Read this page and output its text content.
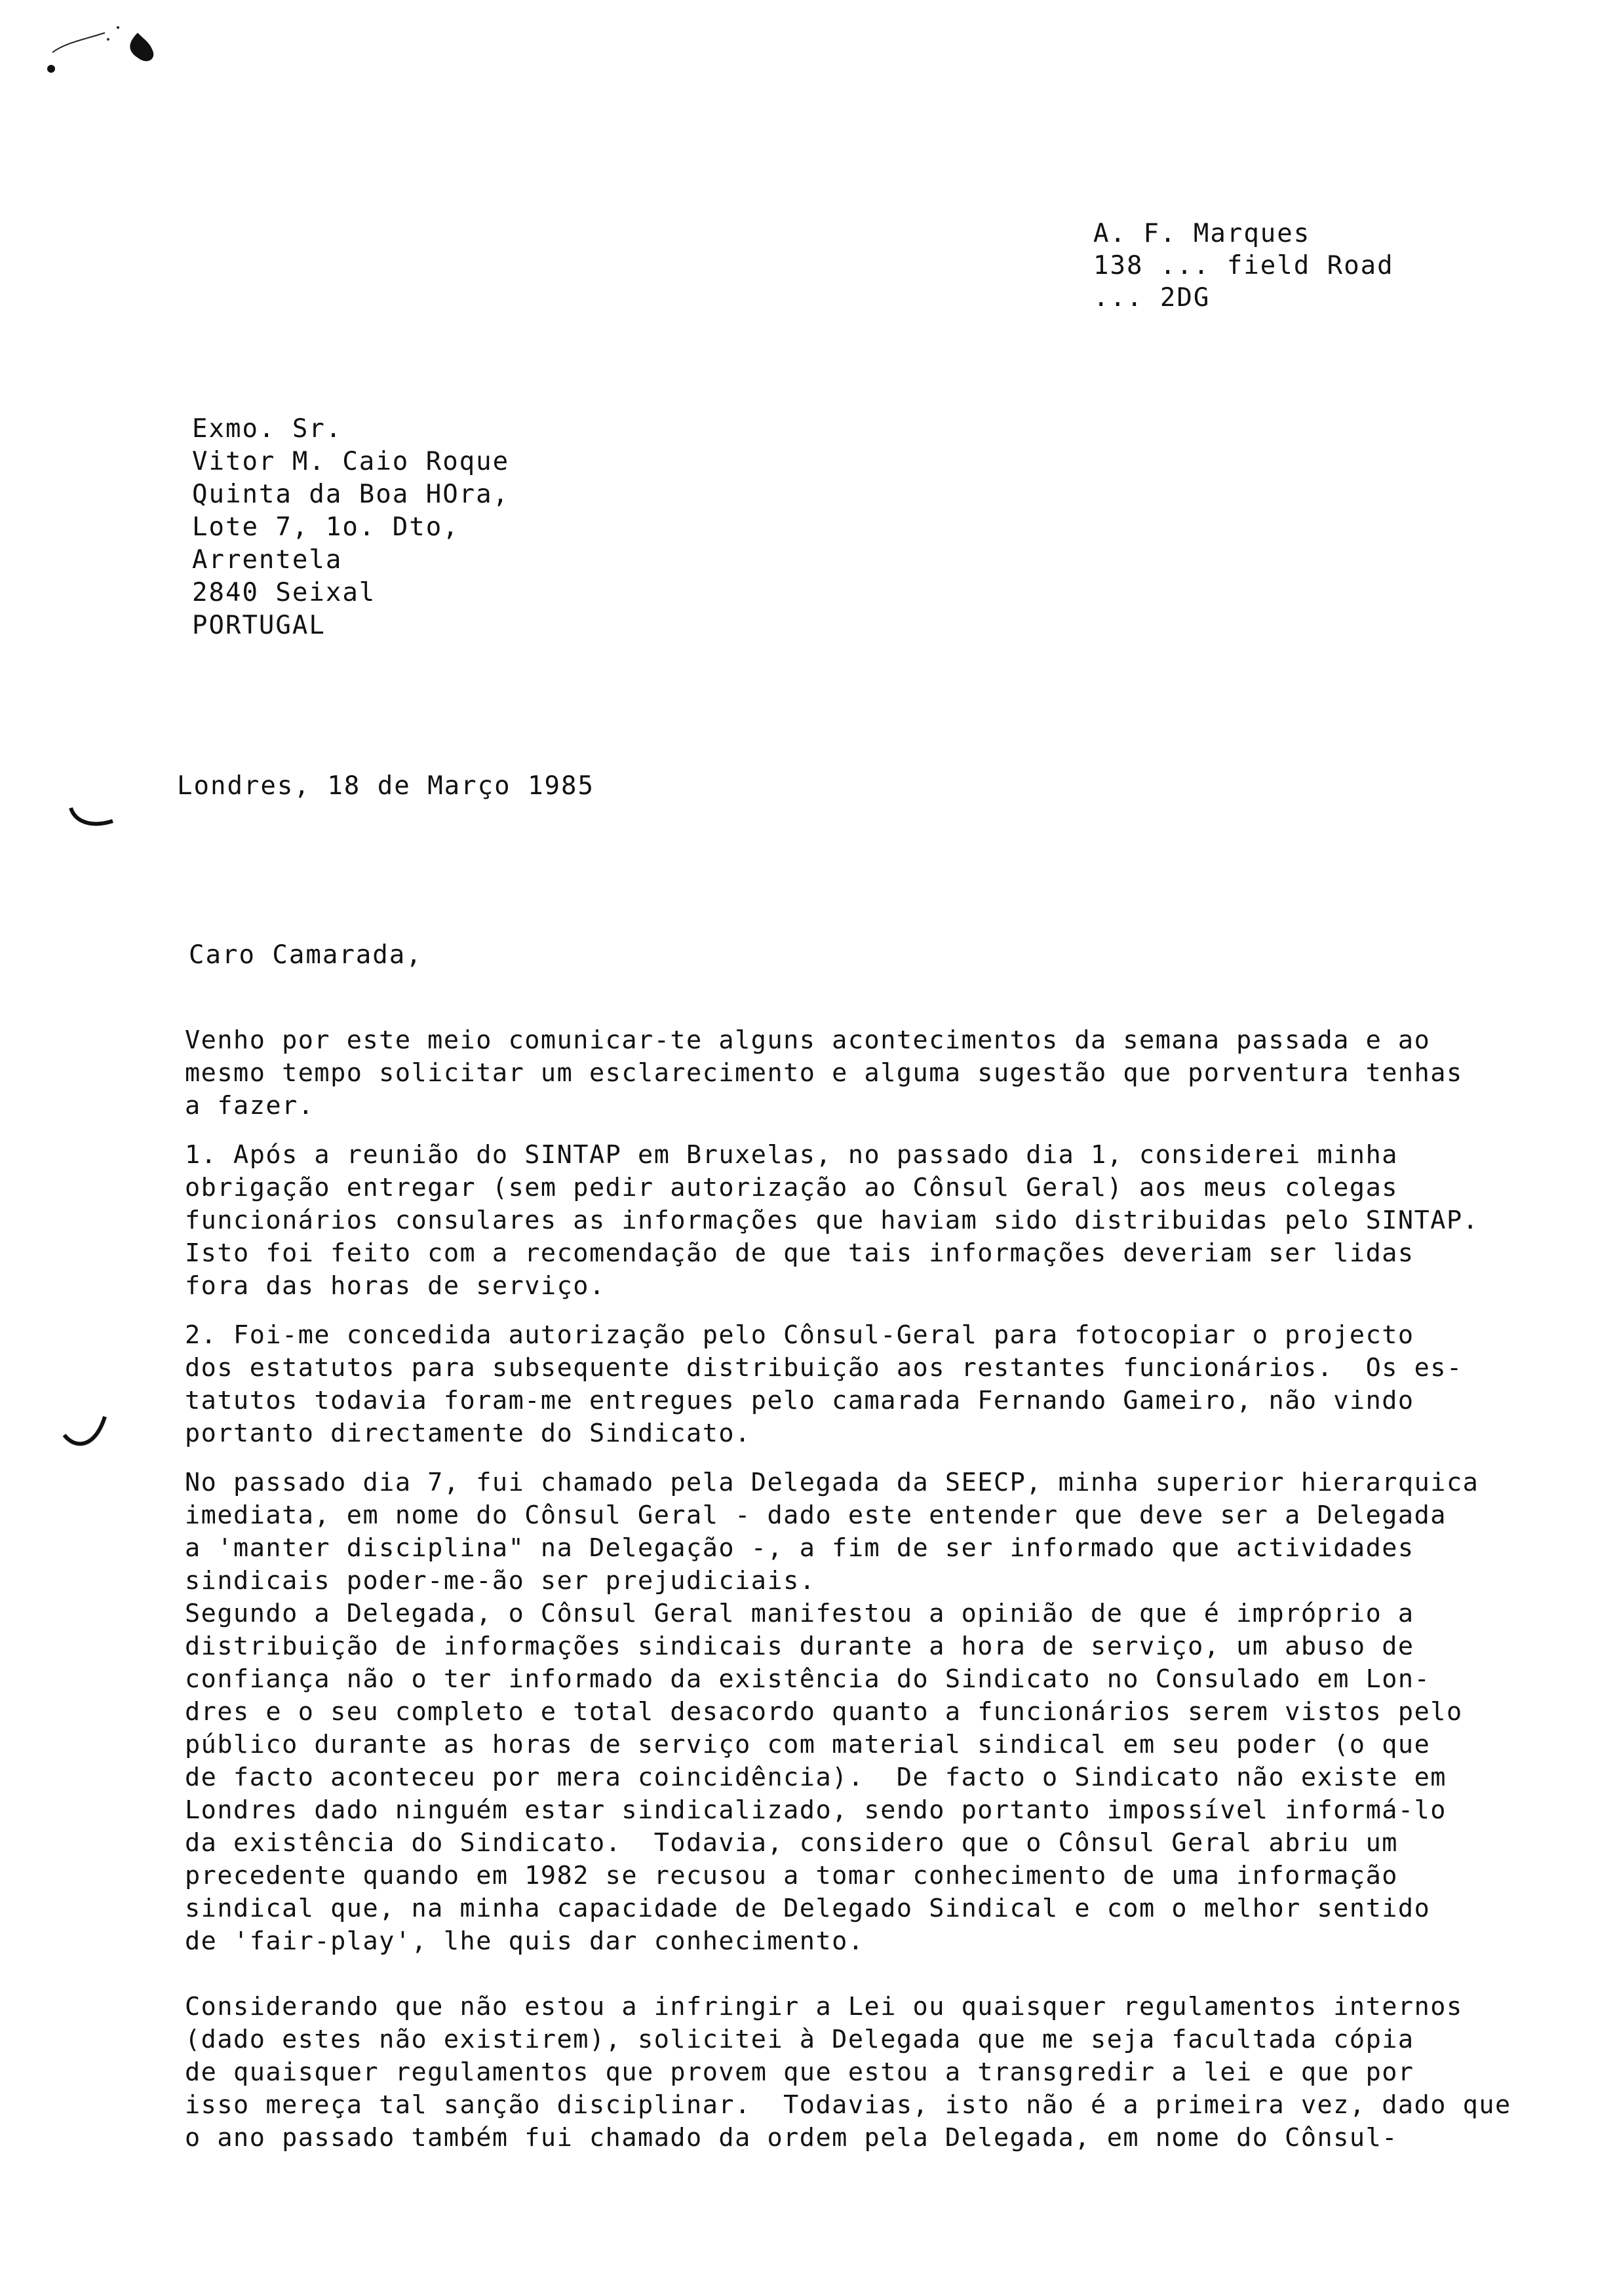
A. F. Marques
138 ... field Road
... 2DG
Exmo. Sr.
Vitor M. Caio Roque
Quinta da Boa HOra,
Lote 7, 1o. Dto,
Arrentela
2840 Seixal
PORTUGAL
Londres, 18 de Março 1985
Caro Camarada,
Venho por este meio comunicar-te alguns acontecimentos da semana passada e ao
mesmo tempo solicitar um esclarecimento e alguma sugestão que porventura tenhas
a fazer.
1. Após a reunião do SINTAP em Bruxelas, no passado dia 1, considerei minha
obrigação entregar (sem pedir autorização ao Cônsul Geral) aos meus colegas
funcionários consulares as informações que haviam sido distribuidas pelo SINTAP.
Isto foi feito com a recomendação de que tais informações deveriam ser lidas
fora das horas de serviço.
2. Foi-me concedida autorização pelo Cônsul-Geral para fotocopiar o projecto
dos estatutos para subsequente distribuição aos restantes funcionários.  Os es-
tatutos todavia foram-me entregues pelo camarada Fernando Gameiro, não vindo
portanto directamente do Sindicato.
No passado dia 7, fui chamado pela Delegada da SEECP, minha superior hierarquica
imediata, em nome do Cônsul Geral - dado este entender que deve ser a Delegada
a 'manter disciplina" na Delegação -, a fim de ser informado que actividades
sindicais poder-me-ão ser prejudiciais.
Segundo a Delegada, o Cônsul Geral manifestou a opinião de que é impróprio a
distribuição de informações sindicais durante a hora de serviço, um abuso de
confiança não o ter informado da existência do Sindicato no Consulado em Lon-
dres e o seu completo e total desacordo quanto a funcionários serem vistos pelo
público durante as horas de serviço com material sindical em seu poder (o que
de facto aconteceu por mera coincidência).  De facto o Sindicato não existe em
Londres dado ninguém estar sindicalizado, sendo portanto impossível informá-lo
da existência do Sindicato.  Todavia, considero que o Cônsul Geral abriu um
precedente quando em 1982 se recusou a tomar conhecimento de uma informação
sindical que, na minha capacidade de Delegado Sindical e com o melhor sentido
de 'fair-play', lhe quis dar conhecimento.
Considerando que não estou a infringir a Lei ou quaisquer regulamentos internos
(dado estes não existirem), solicitei à Delegada que me seja facultada cópia
de quaisquer regulamentos que provem que estou a transgredir a lei e que por
isso mereça tal sanção disciplinar.  Todavias, isto não é a primeira vez, dado que
o ano passado também fui chamado da ordem pela Delegada, em nome do Cônsul-
